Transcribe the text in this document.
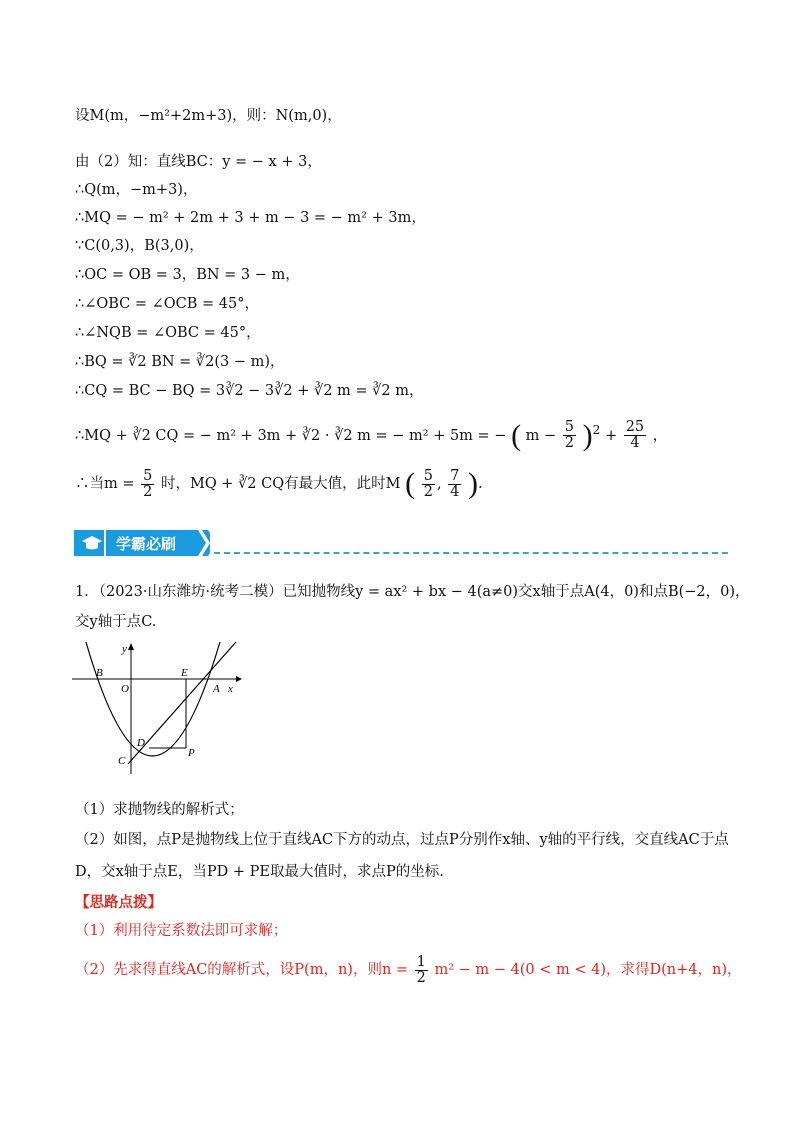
设M(m，−m²+2m+3)，则：N(m,0)，
由（2）知：直线BC：y = − x + 3，
∴Q(m，−m+3)，
∴MQ = − m² + 2m + 3 + m − 3 = − m² + 3m，
∵C(0,3)，B(3,0)，
∴OC = OB = 3，BN = 3 − m，
∴∠OBC = ∠OCB = 45°，
∴∠NQB = ∠OBC = 45°，
∴BQ = ∛2 BN = ∛2(3 − m)，
∴CQ = BC − BQ = 3∛2 − 3∛2 + ∛2 m = ∛2 m，
∴MQ + ∛2 CQ = − m² + 3m + ∛2 · ∛2 m = − m² + 5m = − ( $m - \frac{5}{2} )^2 + \frac{25}{4}$ ，
∴当$m = \frac{5}{2}$ 时，MQ + ∛2 CQ有最大值，此时M ( $\frac{5}{2}$ , $\frac{7}{4}$ ).
学霸必刷
1．（2023·山东潍坊·统考二模）已知抛物线y = ax² + bx − 4(a≠0)交x轴于点A(4，0)和点B(−2，0)，
交y轴于点C.
y
x
B
O
E
A
D
P
C
（1）求抛物线的解析式；
（2）如图，点P是抛物线上位于直线AC下方的动点，过点P分别作x轴、y轴的平行线，交直线AC于点
D，交x轴于点E，当PD + PE取最大值时，求点P的坐标.
【思路点拨】
（1）利用待定系数法即可求解；
（2）先求得直线AC的解析式，设P(m，n)，则$n = \frac{1}{2} m^2 - m - 4(0 < m < 4)$，求得D(n+4，n)，
